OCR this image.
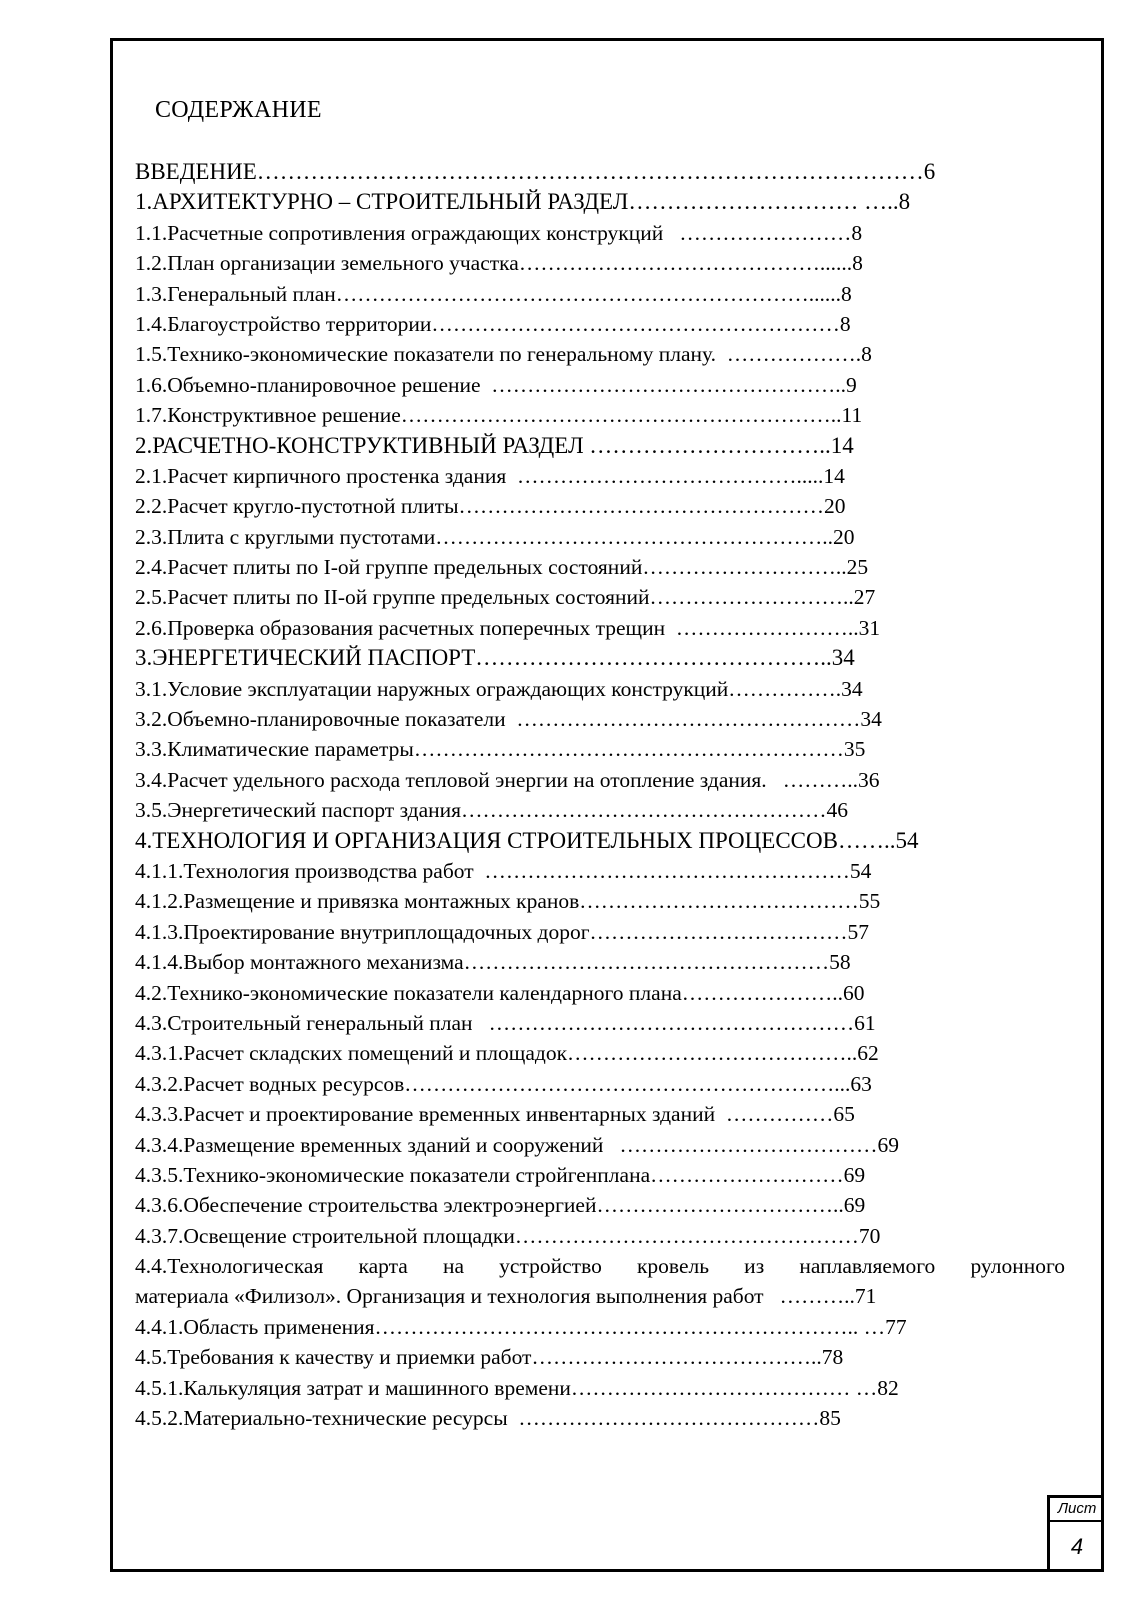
СОДЕРЖАНИЕ
ВВЕДЕНИЕ……………………………………………………………………………6
1.АРХИТЕКТУРНО – СТРОИТЕЛЬНЫЙ РАЗДЕЛ………………………… …..8
1.1.Расчетные сопротивления ограждающих конструкций   ……………………8
1.2.План организации земельного участка……………………………………......8
1.3.Генеральный план…………………………………………………………......8
1.4.Благоустройство территории…………………………………………………8
1.5.Технико-экономические показатели по генеральному плану.  ……………….8
1.6.Объемно-планировочное решение  …………………………………………..9
1.7.Конструктивное решение……………………………………………………..11
2.РАСЧЕТНО-КОНСТРУКТИВНЫЙ РАЗДЕЛ …………………………..14
2.1.Расчет кирпичного простенка здания  ………………………………….....14
2.2.Расчет кругло-пустотной плиты……………………………………………20
2.3.Плита с круглыми пустотами………………………………………………..20
2.4.Расчет плиты по I-ой группе предельных состояний………………………..25
2.5.Расчет плиты по II-ой группе предельных состояний………………………..27
2.6.Проверка образования расчетных поперечных трещин  ……………………..31
3.ЭНЕРГЕТИЧЕСКИЙ ПАСПОРТ………………………………………..34
3.1.Условие эксплуатации наружных ограждающих конструкций…………….34
3.2.Объемно-планировочные показатели  …………………………………………34
3.3.Климатические параметры……………………………………………………35
3.4.Расчет удельного расхода тепловой энергии на отопление здания.   ………..36
3.5.Энергетический паспорт здания……………………………………………46
4.ТЕХНОЛОГИЯ И ОРГАНИЗАЦИЯ СТРОИТЕЛЬНЫХ ПРОЦЕССОВ……..54
4.1.1.Технология производства работ  ……………………………………………54
4.1.2.Размещение и привязка монтажных кранов…………………………………55
4.1.3.Проектирование внутриплощадочных дорог………………………………57
4.1.4.Выбор монтажного механизма……………………………………………58
4.2.Технико-экономические показатели календарного плана…………………..60
4.3.Строительный генеральный план   ……………………………………………61
4.3.1.Расчет складских помещений и площадок…………………………………..62
4.3.2.Расчет водных ресурсов……………………………………………………...63
4.3.3.Расчет и проектирование временных инвентарных зданий  ……………65
4.3.4.Размещение временных зданий и сооружений   ………………………………69
4.3.5.Технико-экономические показатели стройгенплана………………………69
4.3.6.Обеспечение строительства электроэнергией……………………………..69
4.3.7.Освещение строительной площадки…………………………………………70
4.4.Технологическая карта на устройство кровель из наплавляемого рулонного
материала «Филизол». Организация и технология выполнения работ   ………..71
4.4.1.Область применения………………………………………………………….. …77
4.5.Требования к качеству и приемки работ…………………………………..78
4.5.1.Калькуляция затрат и машинного времени………………………………… …82
4.5.2.Материально-технические ресурсы  ……………………………………85
Лист
4
